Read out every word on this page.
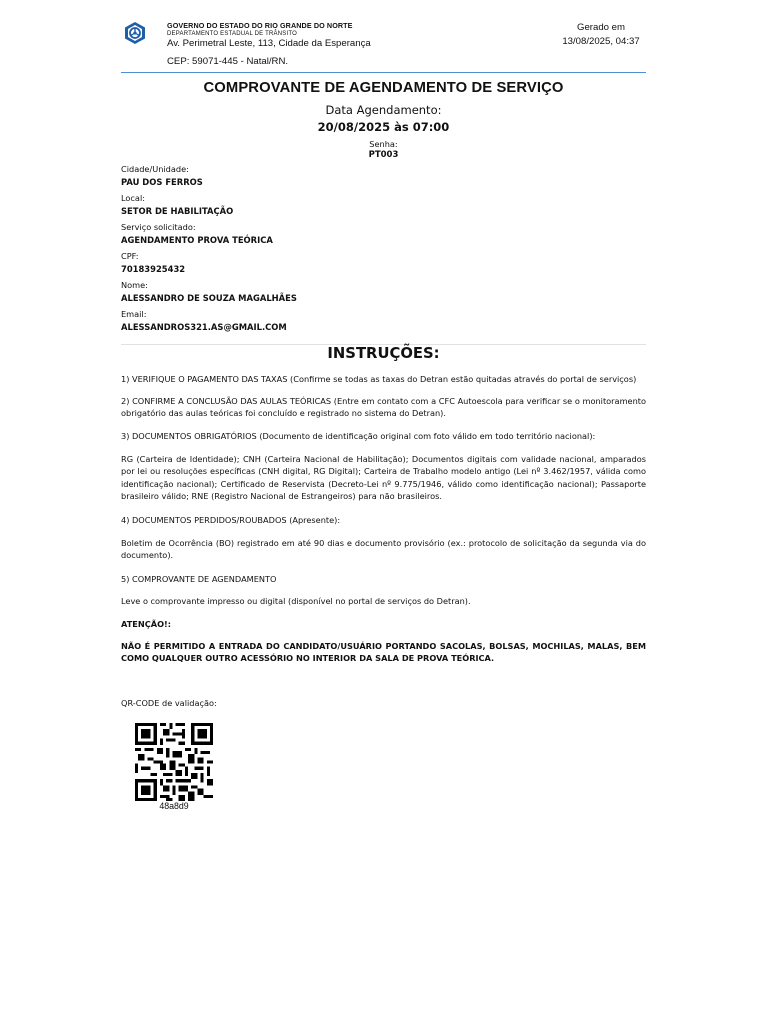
GOVERNO DO ESTADO DO RIO GRANDE DO NORTE
DEPARTAMENTO ESTADUAL DE TRÂNSITO
Av. Perimetral Leste, 113, Cidade da Esperança
CEP: 59071-445 - Natal/RN.
Gerado em
13/08/2025, 04:37
COMPROVANTE DE AGENDAMENTO DE SERVIÇO
Data Agendamento:
20/08/2025 às 07:00
Senha:
PT003
Cidade/Unidade:
PAU DOS FERROS
Local:
SETOR DE HABILITAÇÃO
Serviço solicitado:
AGENDAMENTO PROVA TEÓRICA
CPF:
70183925432
Nome:
ALESSANDRO DE SOUZA MAGALHÃES
Email:
ALESSANDROS321.AS@GMAIL.COM
INSTRUÇÕES:
1) VERIFIQUE O PAGAMENTO DAS TAXAS (Confirme se todas as taxas do Detran estão quitadas através do portal de serviços)
2) CONFIRME A CONCLUSÃO DAS AULAS TEÓRICAS (Entre em contato com a CFC Autoescola para verificar se o monitoramento obrigatório das aulas teóricas foi concluído e registrado no sistema do Detran).
3) DOCUMENTOS OBRIGATÓRIOS (Documento de identificação original com foto válido em todo território nacional):
RG (Carteira de Identidade); CNH (Carteira Nacional de Habilitação); Documentos digitais com validade nacional, amparados por lei ou resoluções específicas (CNH digital, RG Digital); Carteira de Trabalho modelo antigo (Lei nº 3.462/1957, válida como identificação nacional); Certificado de Reservista (Decreto-Lei nº 9.775/1946, válido como identificação nacional); Passaporte brasileiro válido; RNE (Registro Nacional de Estrangeiros) para não brasileiros.
4) DOCUMENTOS PERDIDOS/ROUBADOS (Apresente):
Boletim de Ocorrência (BO) registrado em até 90 dias e documento provisório (ex.: protocolo de solicitação da segunda via do documento).
5) COMPROVANTE DE AGENDAMENTO
Leve o comprovante impresso ou digital (disponível no portal de serviços do Detran).
ATENÇÃO!:
NÃO É PERMITIDO A ENTRADA DO CANDIDATO/USUÁRIO PORTANDO SACOLAS, BOLSAS, MOCHILAS, MALAS, BEM COMO QUALQUER OUTRO ACESSÓRIO NO INTERIOR DA SALA DE PROVA TEÓRICA.
QR-CODE de validação:
48a8d9
